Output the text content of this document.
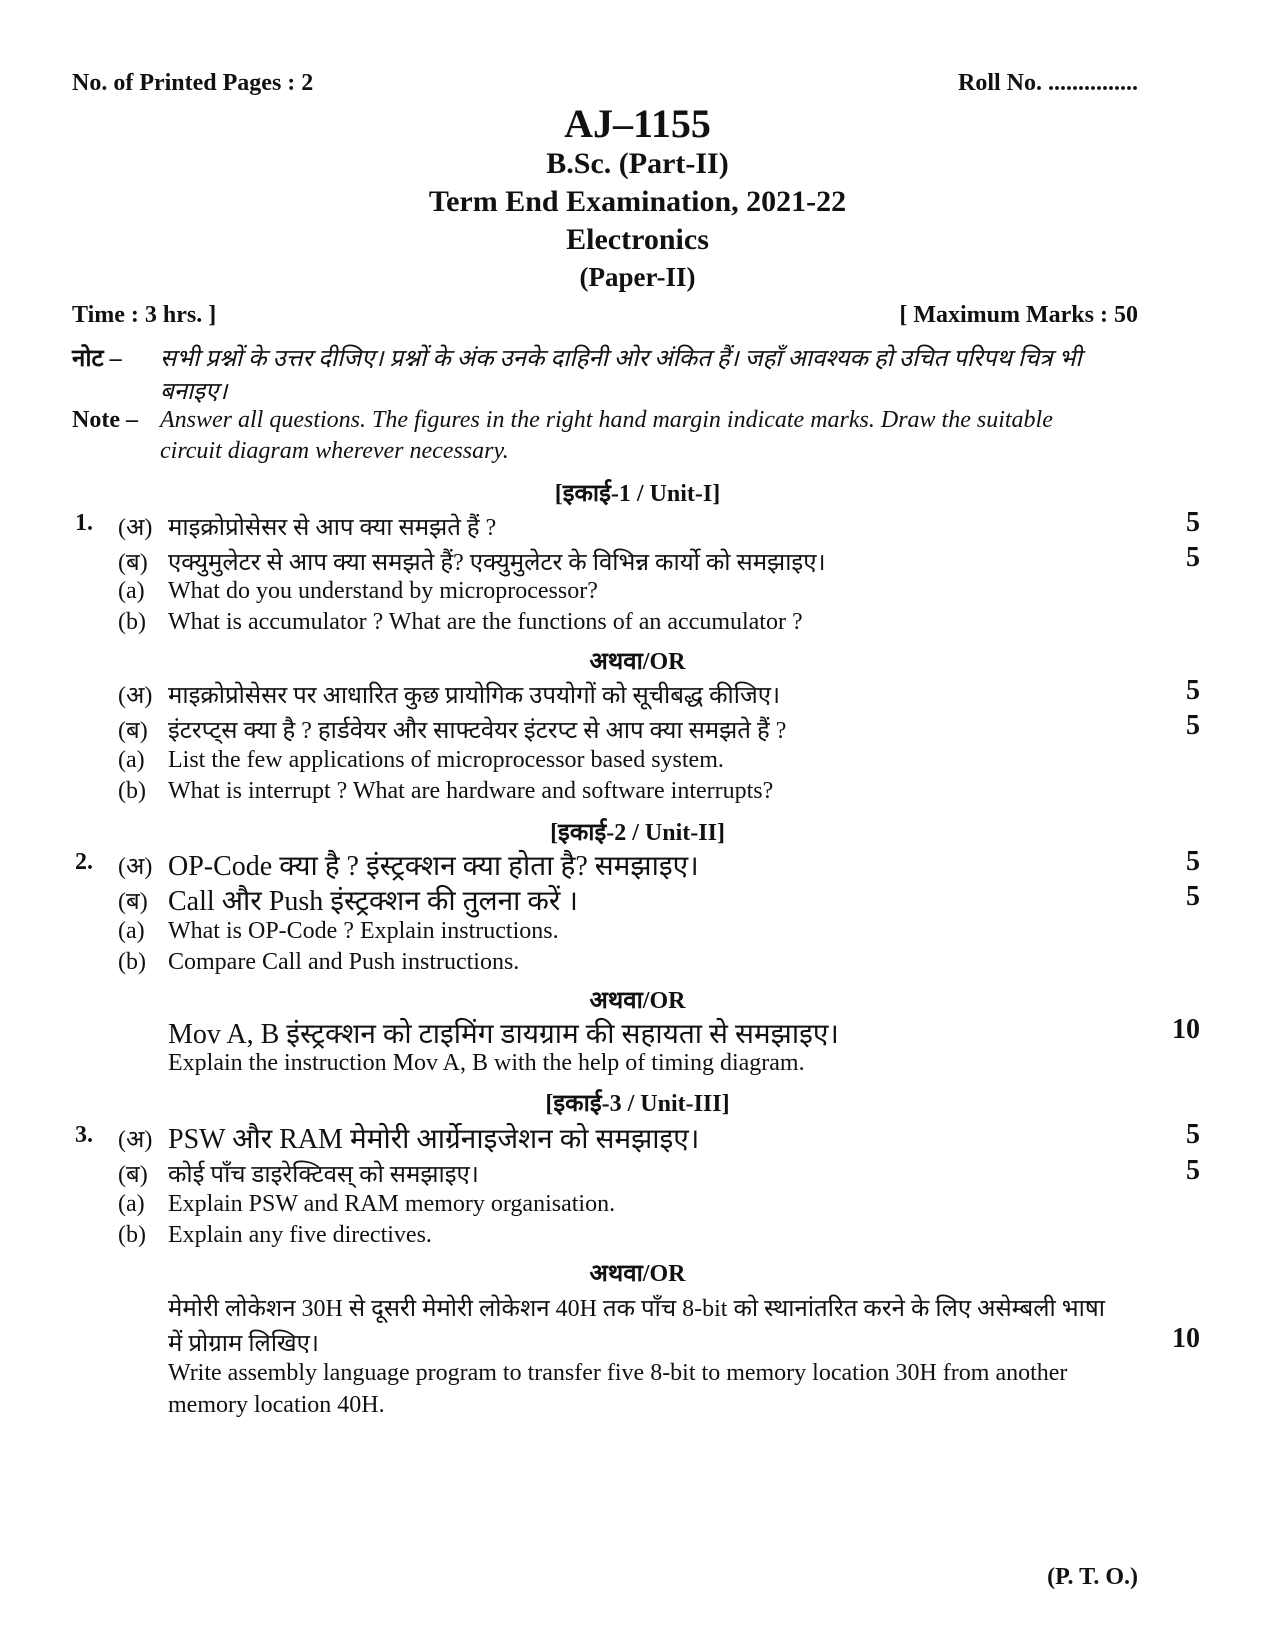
No. of Printed Pages : 2	Roll No. ...............
AJ–1155
B.Sc. (Part-II)
Term End Examination, 2021-22
Electronics
(Paper-II)
Time : 3 hrs. ]	[ Maximum Marks : 50
नोट – सभी प्रश्नों के उत्तर दीजिए। प्रश्नों के अंक उनके दाहिनी ओर अंकित हैं। जहाँ आवश्यक हो उचित परिपथ चित्र भी
बनाइए।
Note – Answer all questions. The figures in the right hand margin indicate marks. Draw the suitable
circuit diagram wherever necessary.
[इकाई-1 / Unit-I]
1. (अ) माइक्रोप्रोसेसर से आप क्या समझते हैं ?	5
(ब) एक्युमुलेटर से आप क्या समझते हैं? एक्युमुलेटर के विभिन्न कार्यो को समझाइए।	5
(a) What do you understand by microprocessor?
(b) What is accumulator ? What are the functions of an accumulator ?
अथवा/OR
(अ) माइक्रोप्रोसेसर पर आधारित कुछ प्रायोगिक उपयोगों को सूचीबद्ध कीजिए।	5
(ब) इंटरप्ट्स क्या है ? हार्डवेयर और साफ्टवेयर इंटरप्ट से आप क्या समझते हैं ?	5
(a) List the few applications of microprocessor based system.
(b) What is interrupt ? What are hardware and software interrupts?
[इकाई-2 / Unit-II]
2. (अ) OP-Code क्या है ? इंस्ट्रक्शन क्या होता है? समझाइए।	5
(ब) Call और Push इंस्ट्रक्शन की तुलना करें ।	5
(a) What is OP-Code ? Explain instructions.
(b) Compare Call and Push instructions.
अथवा/OR
Mov A, B इंस्ट्रक्शन को टाइमिंग डायग्राम की सहायता से समझाइए।	10
Explain the instruction Mov A, B with the help of timing diagram.
[इकाई-3 / Unit-III]
3. (अ) PSW और RAM मेमोरी आर्ग्रेनाइजेशन को समझाइए।	5
(ब) कोई पाँच डाइरेक्टिवस् को समझाइए।	5
(a) Explain PSW and RAM memory organisation.
(b) Explain any five directives.
अथवा/OR
मेमोरी लोकेशन 30H से दूसरी मेमोरी लोकेशन 40H तक पाँच 8-bit को स्थानांतरित करने के लिए असेम्बली भाषा
में प्रोग्राम लिखिए।	10
Write assembly language program to transfer five 8-bit to memory location 30H from another
memory location 40H.
(P. T. O.)
